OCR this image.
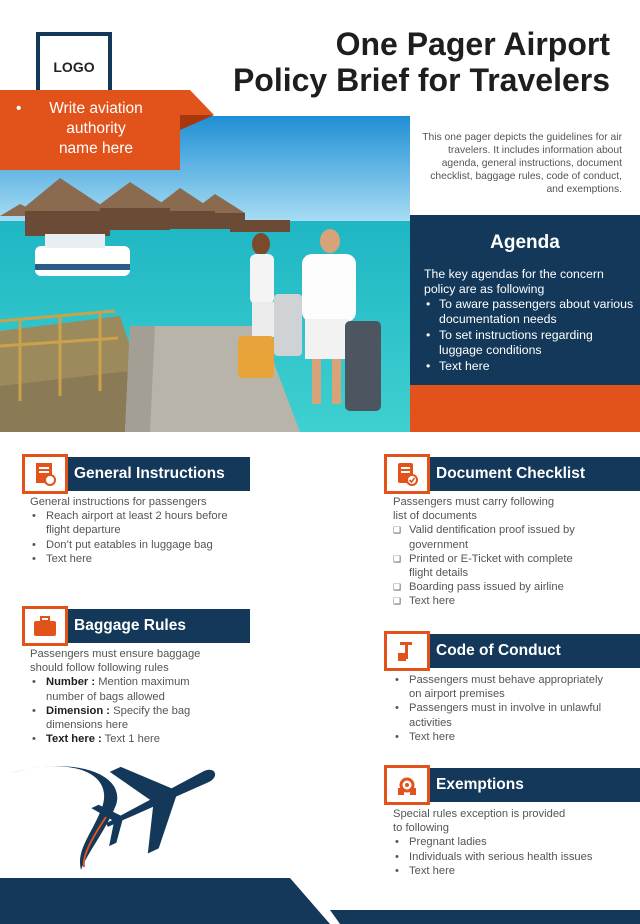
LOGO
One Pager Airport
Policy Brief for Travelers
•	Write aviation
authority
name here
This one pager depicts the guidelines for air travelers. It includes information about agenda, general instructions, document checklist, baggage rules, code of conduct, and exemptions.
Agenda
The key agendas for the concern policy are as following
• To aware passengers about various documentation needs
• To set instructions regarding luggage conditions
• Text here
General Instructions
General instructions for passengers
• Reach airport at least 2 hours before flight departure
• Don’t put eatables in luggage bag
• Text here
Document Checklist
Passengers must carry following list of documents
❑ Valid dentification proof issued by government
❑ Printed or E-Ticket with complete flight details
❑ Boarding pass issued by airline
❑ Text here
Baggage Rules
Passengers must ensure baggage should follow following rules
• Number : Mention maximum number of bags allowed
• Dimension : Specify the bag dimensions here
• Text here : Text 1 here
Code of Conduct
• Passengers must behave appropriately on airport premises
• Passengers must in involve in unlawful activities
• Text here
Exemptions
Special rules exception is provided to following
• Pregnant ladies
• Individuals with serious health issues
• Text here
